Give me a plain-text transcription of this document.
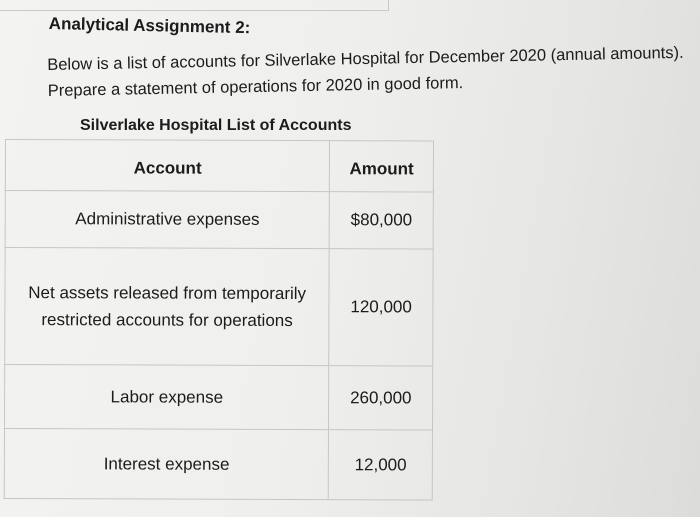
Analytical Assignment 2:
Below is a list of accounts for Silverlake Hospital for December 2020 (annual amounts). Prepare a statement of operations for 2020 in good form.
Silverlake Hospital List of Accounts
Account	Amount
Administrative expenses	$80,000
Net assets released from temporarily restricted accounts for operations	120,000
Labor expense	260,000
Interest expense	12,000
